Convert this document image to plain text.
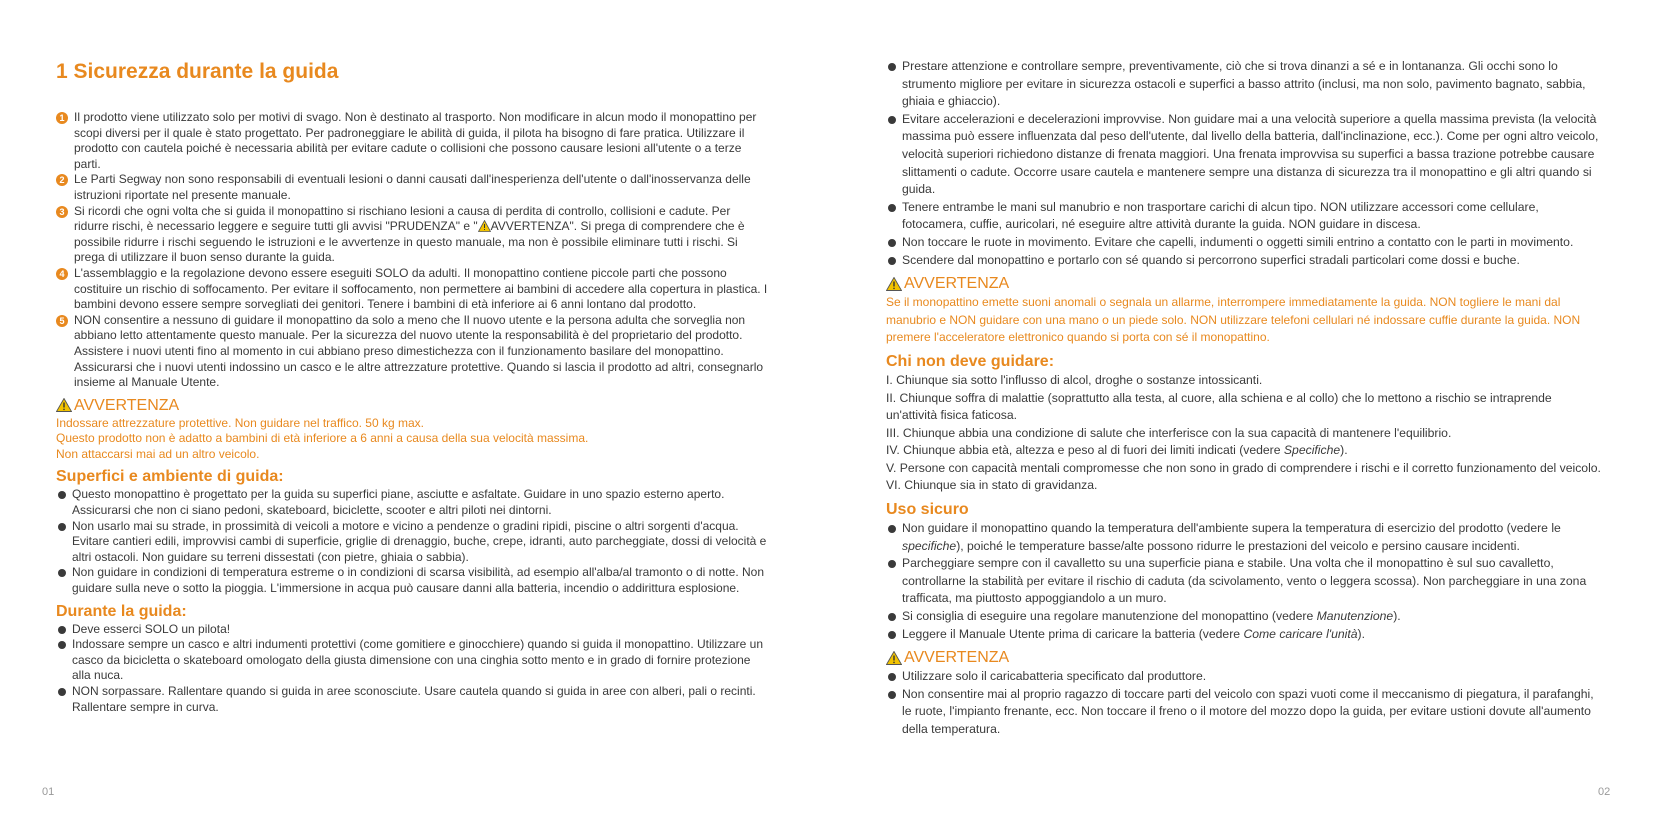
1 Sicurezza durante la guida
1 Il prodotto viene utilizzato solo per motivi di svago. Non è destinato al trasporto. Non modificare in alcun modo il monopattino per scopi diversi per il quale è stato progettato. Per padroneggiare le abilità di guida, il pilota ha bisogno di fare pratica. Utilizzare il prodotto con cautela poiché è necessaria abilità per evitare cadute o collisioni che possono causare lesioni all'utente o a terze parti.
2 Le Parti Segway non sono responsabili di eventuali lesioni o danni causati dall'inesperienza dell'utente o dall'inosservanza delle istruzioni riportate nel presente manuale.
3 Si ricordi che ogni volta che si guida il monopattino si rischiano lesioni a causa di perdita di controllo, collisioni e cadute. Per ridurre rischi, è necessario leggere e seguire tutti gli avvisi "PRUDENZA" e " AVVERTENZA". Si prega di comprendere che è possibile ridurre i rischi seguendo le istruzioni e le avvertenze in questo manuale, ma non è possibile eliminare tutti i rischi. Si prega di utilizzare il buon senso durante la guida.
4 L'assemblaggio e la regolazione devono essere eseguiti SOLO da adulti. Il monopattino contiene piccole parti che possono costituire un rischio di soffocamento. Per evitare il soffocamento, non permettere ai bambini di accedere alla copertura in plastica. I bambini devono essere sempre sorvegliati dei genitori. Tenere i bambini di età inferiore ai 6 anni lontano dal prodotto.
5 NON consentire a nessuno di guidare il monopattino da solo a meno che Il nuovo utente e la persona adulta che sorveglia non abbiano letto attentamente questo manuale. Per la sicurezza del nuovo utente la responsabilità è del proprietario del prodotto. Assistere i nuovi utenti fino al momento in cui abbiano preso dimestichezza con il funzionamento basilare del monopattino. Assicurarsi che i nuovi utenti indossino un casco e le altre attrezzature protettive. Quando si lascia il prodotto ad altri, consegnarlo insieme al Manuale Utente.
AVVERTENZA

Indossare attrezzature protettive. Non guidare nel traffico. 50 kg max.

Questo prodotto non è adatto a bambini di età inferiore a 6 anni a causa della sua velocità massima.

Non attaccarsi mai ad un altro veicolo.

Superfici e ambiente di guida:
Questo monopattino è progettato per la guida su superfici piane, asciutte e asfaltate. Guidare in uno spazio esterno aperto. Assicurarsi che non ci siano pedoni, skateboard, biciclette, scooter e altri piloti nei dintorni.
Non usarlo mai su strade, in prossimità di veicoli a motore e vicino a pendenze o gradini ripidi, piscine o altri sorgenti d'acqua. Evitare cantieri edili, improvvisi cambi di superficie, griglie di drenaggio, buche, crepe, idranti, auto parcheggiate, dossi di velocità e altri ostacoli. Non guidare su terreni dissestati (con pietre, ghiaia o sabbia).
Non guidare in condizioni di temperatura estreme o in condizioni di scarsa visibilità, ad esempio all'alba/al tramonto o di notte. Non guidare sulla neve o sotto la pioggia. L'immersione in acqua può causare danni alla batteria, incendio o addirittura esplosione.
Durante la guida:
Deve esserci SOLO un pilota!
Indossare sempre un casco e altri indumenti protettivi (come gomitiere e ginocchiere) quando si guida il monopattino. Utilizzare un casco da bicicletta o skateboard omologato della giusta dimensione con una cinghia sotto mento e in grado di fornire protezione alla nuca.
NON sorpassare. Rallentare quando si guida in aree sconosciute. Usare cautela quando si guida in aree con alberi, pali o recinti. Rallentare sempre in curva.
Prestare attenzione e controllare sempre, preventivamente, ciò che si trova dinanzi a sé e in lontananza. Gli occhi sono lo strumento migliore per evitare in sicurezza ostacoli e superfici a basso attrito (inclusi, ma non solo, pavimento bagnato, sabbia, ghiaia e ghiaccio).
Evitare accelerazioni e decelerazioni improvvise. Non guidare mai a una velocità superiore a quella massima prevista (la velocità massima può essere influenzata dal peso dell'utente, dal livello della batteria, dall'inclinazione, ecc.). Come per ogni altro veicolo, velocità superiori richiedono distanze di frenata maggiori. Una frenata improvvisa su superfici a bassa trazione potrebbe causare slittamenti o cadute. Occorre usare cautela e mantenere sempre una distanza di sicurezza tra il monopattino e gli altri quando si guida.
Tenere entrambe le mani sul manubrio e non trasportare carichi di alcun tipo. NON utilizzare accessori come cellulare, fotocamera, cuffie, auricolari, né eseguire altre attività durante la guida. NON guidare in discesa.
Non toccare le ruote in movimento. Evitare che capelli, indumenti o oggetti simili entrino a contatto con le parti in movimento.
Scendere dal monopattino e portarlo con sé quando si percorrono superfici stradali particolari come dossi e buche.
AVVERTENZA

Se il monopattino emette suoni anomali o segnala un allarme, interrompere immediatamente la guida. NON togliere le mani dal manubrio e NON guidare con una mano o un piede solo. NON utilizzare telefoni cellulari né indossare cuffie durante la guida. NON premere l'acceleratore elettronico quando si porta con sé il monopattino.

Chi non deve guidare:

I. Chiunque sia sotto l'influsso di alcol, droghe o sostanze intossicanti.

II. Chiunque soffra di malattie (soprattutto alla testa, al cuore, alla schiena e al collo) che lo mettono a rischio se intraprende un'attività fisica faticosa.

III. Chiunque abbia una condizione di salute che interferisce con la sua capacità di mantenere l'equilibrio.

IV. Chiunque abbia età, altezza e peso al di fuori dei limiti indicati (vedere Specifiche).

V. Persone con capacità mentali compromesse che non sono in grado di comprendere i rischi e il corretto funzionamento del veicolo.

VI. Chiunque sia in stato di gravidanza.

Uso sicuro
Non guidare il monopattino quando la temperatura dell'ambiente supera la temperatura di esercizio del prodotto (vedere le specifiche), poiché le temperature basse/alte possono ridurre le prestazioni del veicolo e persino causare incidenti.
Parcheggiare sempre con il cavalletto su una superficie piana e stabile. Una volta che il monopattino è sul suo cavalletto, controllarne la stabilità per evitare il rischio di caduta (da scivolamento, vento o leggera scossa). Non parcheggiare in una zona trafficata, ma piuttosto appoggiandolo a un muro.
Si consiglia di eseguire una regolare manutenzione del monopattino (vedere Manutenzione).
Leggere il Manuale Utente prima di caricare la batteria (vedere Come caricare l'unità).
AVVERTENZA
Utilizzare solo il caricabatteria specificato dal produttore.
Non consentire mai al proprio ragazzo di toccare parti del veicolo con spazi vuoti come il meccanismo di piegatura, il parafanghi, le ruote, l'impianto frenante, ecc. Non toccare il freno o il motore del mozzo dopo la guida, per evitare ustioni dovute all'aumento della temperatura.
01	02
